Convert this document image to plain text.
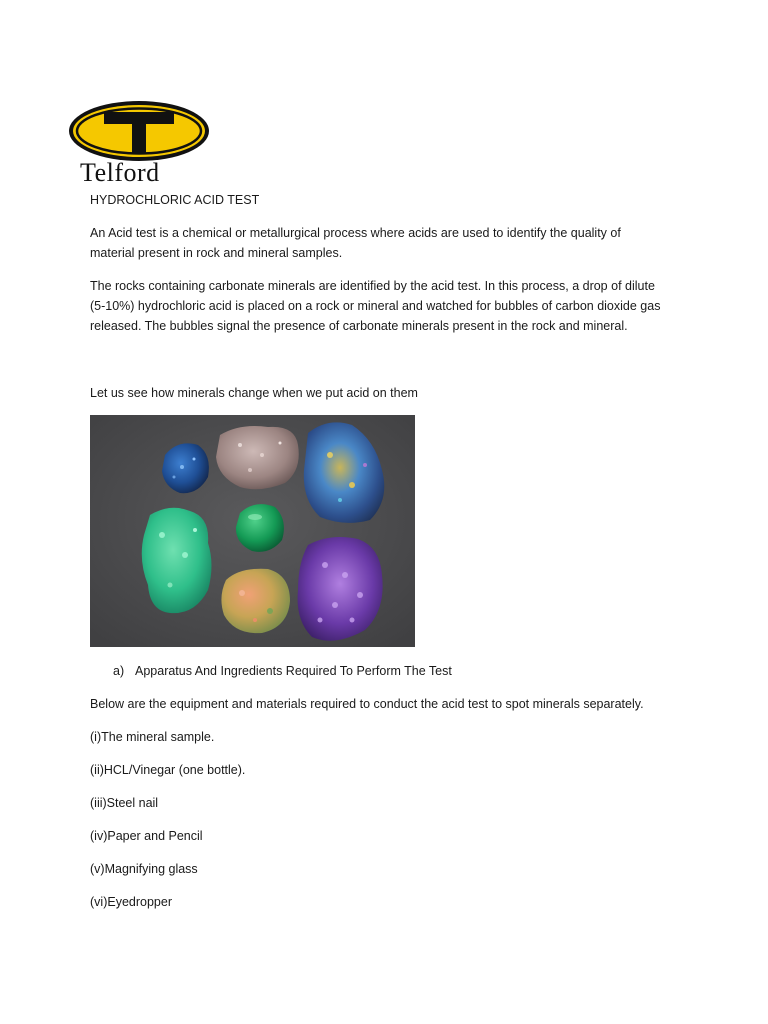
Telford
HYDROCHLORIC ACID TEST
An Acid test is a chemical or metallurgical process where acids are used to identify the quality of
material present in rock and mineral samples.
The rocks containing carbonate minerals are identified by the acid test. In this process, a drop of dilute
(5-10%) hydrochloric acid is placed on a rock or mineral and watched for bubbles of carbon dioxide gas
released. The bubbles signal the presence of carbonate minerals present in the rock and mineral.
Let us see how minerals change when we put acid on them
a) Apparatus And Ingredients Required To Perform The Test
Below are the equipment and materials required to conduct the acid test to spot minerals separately.
(i)The mineral sample.
(ii)HCL/Vinegar (one bottle).
(iii)Steel nail
(iv)Paper and Pencil
(v)Magnifying glass
(vi)Eyedropper
